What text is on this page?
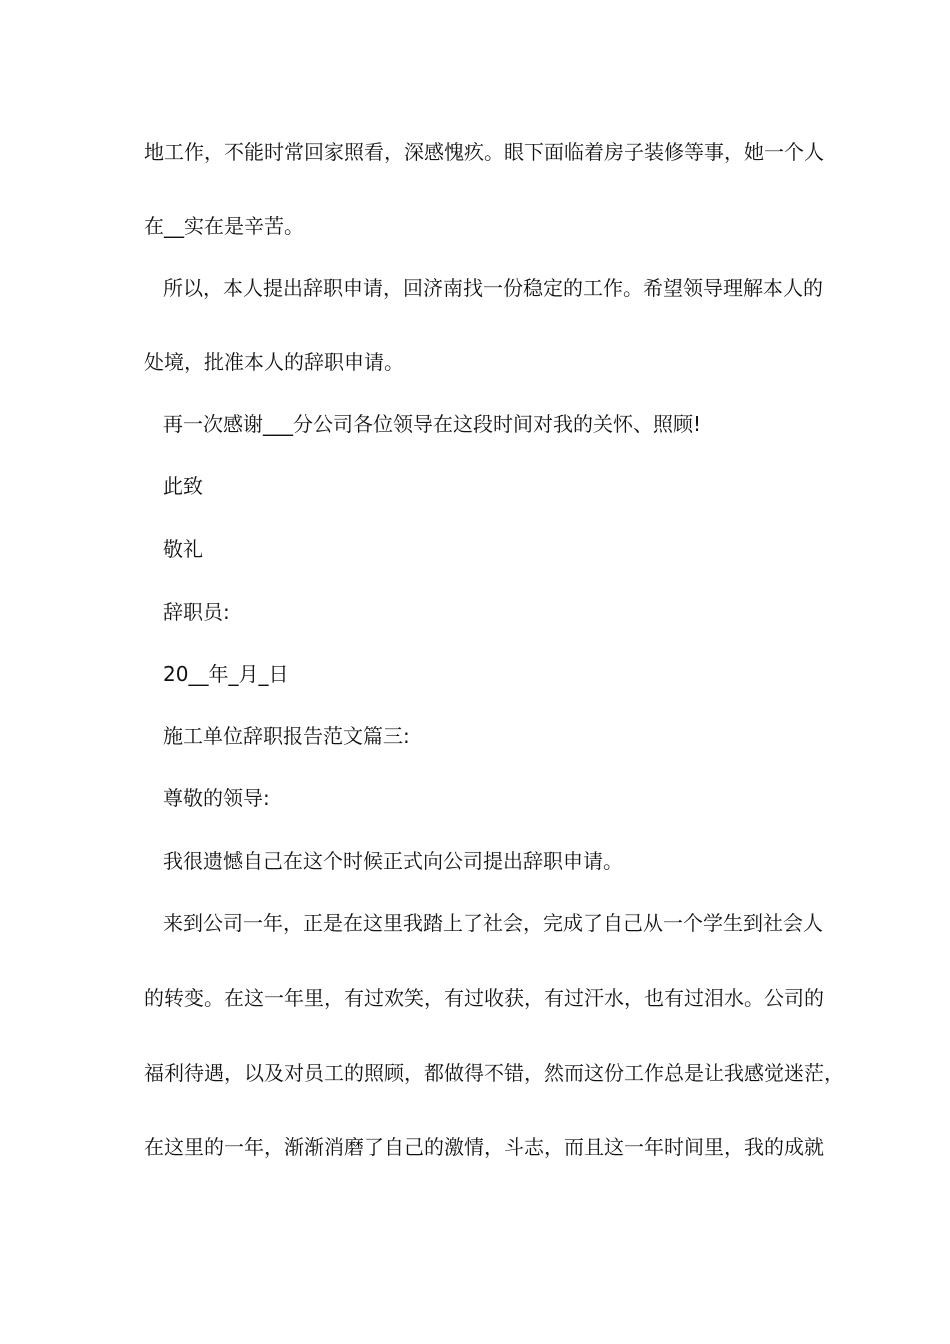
地工作，不能时常回家照看，深感愧疚。眼下面临着房子装修等事，她一个人
在__实在是辛苦。
所以，本人提出辞职申请，回济南找一份稳定的工作。希望领导理解本人的
处境，批准本人的辞职申请。
再一次感谢___分公司各位领导在这段时间对我的关怀、照顾!
此致
敬礼
辞职员:
20__年_月_日
施工单位辞职报告范文篇三:
尊敬的领导:
我很遗憾自己在这个时候正式向公司提出辞职申请。
来到公司一年，正是在这里我踏上了社会，完成了自己从一个学生到社会人
的转变。在这一年里，有过欢笑，有过收获，有过汗水，也有过泪水。公司的
福利待遇，以及对员工的照顾，都做得不错，然而这份工作总是让我感觉迷茫，
在这里的一年，渐渐消磨了自己的激情，斗志，而且这一年时间里，我的成就
